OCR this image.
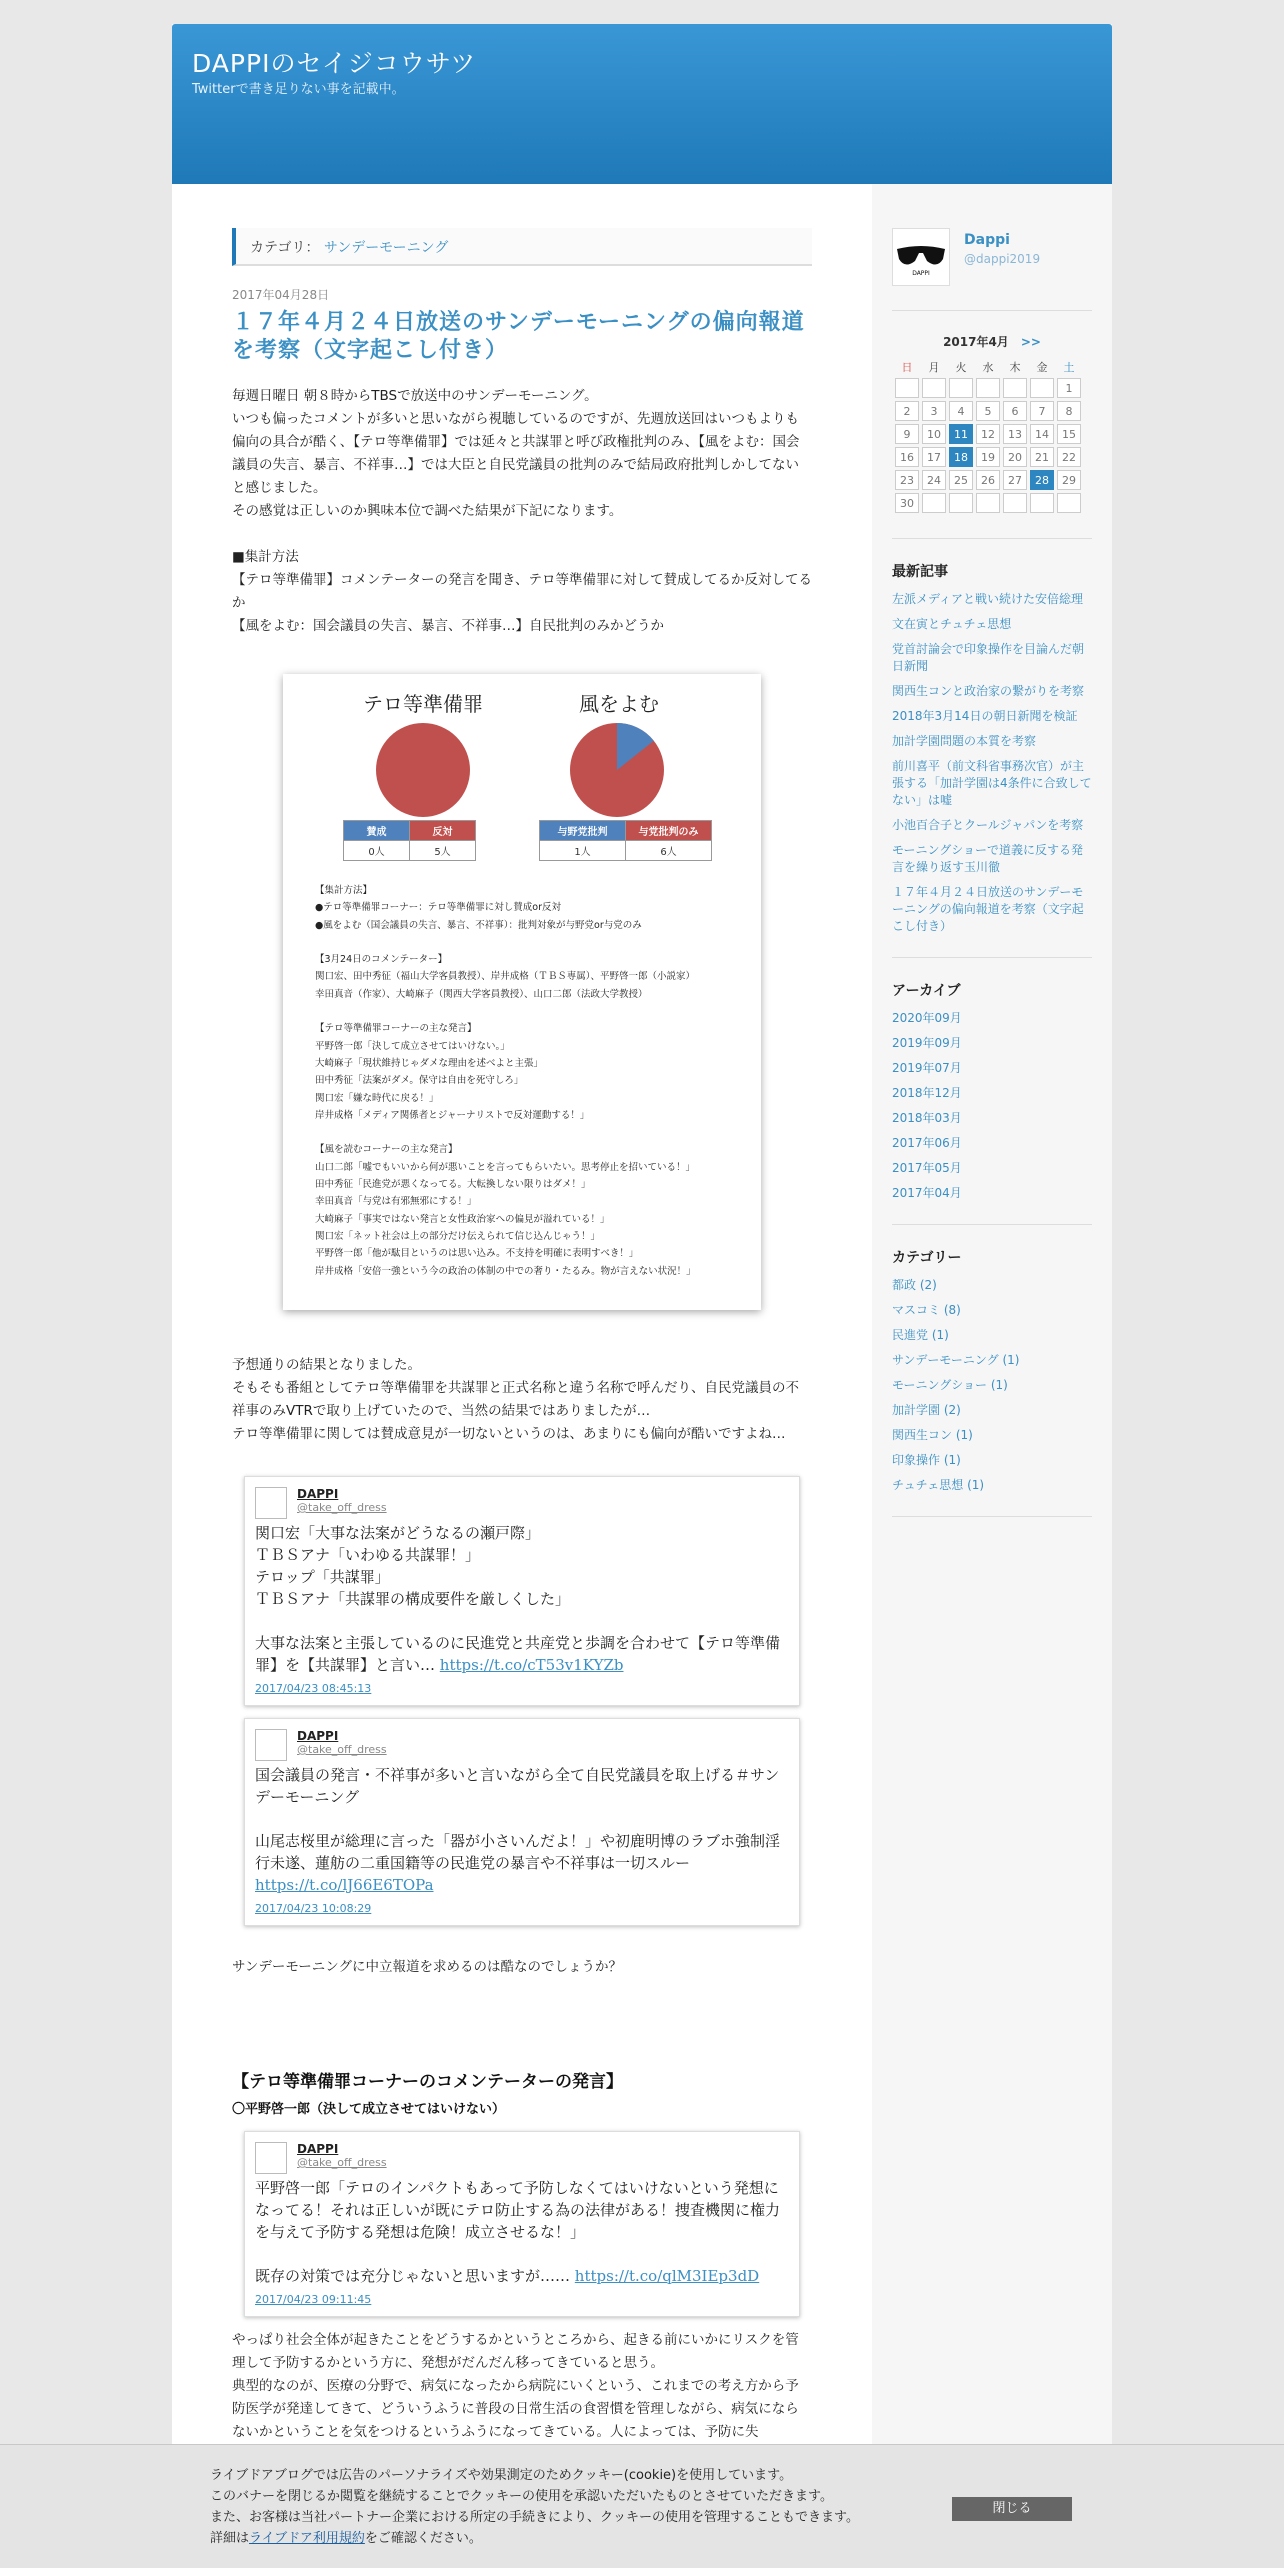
DAPPIのセイジコウサツ
Twitterで書き足りない事を記載中。
カテゴリ： サンデーモーニング
2017年04月28日
１７年４月２４日放送のサンデーモーニングの偏向報道を考察（文字起こし付き）
毎週日曜日 朝８時からTBSで放送中のサンデーモーニング。
いつも偏ったコメントが多いと思いながら視聴しているのですが、先週放送回はいつもよりも偏向の具合が酷く、【テロ等準備罪】では延々と共謀罪と呼び政権批判のみ、【風をよむ：国会議員の失言、暴言、不祥事…】では大臣と自民党議員の批判のみで結局政府批判しかしてないと感じました。
その感覚は正しいのか興味本位で調べた結果が下記になります。
■集計方法
【テロ等準備罪】コメンテーターの発言を聞き、テロ等準備罪に対して賛成してるか反対してるか
【風をよむ：国会議員の失言、暴言、不祥事…】自民批判のみかどうか
テロ等準備罪	風をよむ
賛成	反対
0人	5人
与野党批判	与党批判のみ
1人	6人
【集計方法】
●テロ等準備罪コーナー：テロ等準備罪に対し賛成or反対
●風をよむ（国会議員の失言、暴言、不祥事）：批判対象が与野党or与党のみ

【3月24日のコメンテーター】
関口宏、田中秀征（福山大学客員教授）、岸井成格（ＴＢＳ専属）、平野啓一郎（小説家）
幸田真音（作家）、大崎麻子（関西大学客員教授）、山口二郎（法政大学教授）

【テロ等準備罪コーナーの主な発言】
平野啓一郎「決して成立させてはいけない。」
大崎麻子「現状維持じゃダメな理由を述べよと主張」
田中秀征「法案がダメ。保守は自由を死守しろ」
関口宏「嫌な時代に戻る！」
岸井成格「メディア関係者とジャーナリストで反対運動する！」

【風を読むコーナーの主な発言】
山口二郎「嘘でもいいから何が悪いことを言ってもらいたい。思考停止を招いている！」
田中秀征「民進党が悪くなってる。大転換しない限りはダメ！」
幸田真音「与党は有邪無邪にする！」
大崎麻子「事実ではない発言と女性政治家への偏見が溢れている！」
関口宏「ネット社会は上の部分だけ伝えられて信じ込んじゃう！」
平野啓一郎「他が駄目というのは思い込み。不支持を明確に表明すべき！」
岸井成格「安倍一強という今の政治の体制の中での奢り・たるみ。物が言えない状況！」
予想通りの結果となりました。
そもそも番組としてテロ等準備罪を共謀罪と正式名称と違う名称で呼んだり、自民党議員の不祥事のみVTRで取り上げていたので、当然の結果ではありましたが…
テロ等準備罪に関しては賛成意見が一切ないというのは、あまりにも偏向が酷いですよね…
DAPPI
@take_off_dress
関口宏「大事な法案がどうなるの瀬戸際」
ＴＢＳアナ「いわゆる共謀罪！」
テロップ「共謀罪」
ＴＢＳアナ「共謀罪の構成要件を厳しくした」

大事な法案と主張しているのに民進党と共産党と歩調を合わせて【テロ等準備罪】を【共謀罪】と言い… https://t.co/cT53v1KYZb
2017/04/23 08:45:13
DAPPI
@take_off_dress
国会議員の発言・不祥事が多いと言いながら全て自民党議員を取上げる＃サンデーモーニング

山尾志桜里が総理に言った「器が小さいんだよ！」や初鹿明博のラブホ強制淫行未遂、蓮舫の二重国籍等の民進党の暴言や不祥事は一切スルー
https://t.co/lJ66E6TOPa
2017/04/23 10:08:29
サンデーモーニングに中立報道を求めるのは酷なのでしょうか？
【テロ等準備罪コーナーのコメンテーターの発言】
〇平野啓一郎（決して成立させてはいけない）
DAPPI
@take_off_dress
平野啓一郎「テロのインパクトもあって予防しなくてはいけないという発想になってる！それは正しいが既にテロ防止する為の法律がある！捜査機関に権力を与えて予防する発想は危険！成立させるな！」

既存の対策では充分じゃないと思いますが…… https://t.co/qlM3IEp3dD
2017/04/23 09:11:45
やっぱり社会全体が起きたことをどうするかというところから、起きる前にいかにリスクを管理して予防するかという方に、発想がだんだん移ってきていると思う。
典型的なのが、医療の分野で、病気になったから病院にいくという、これまでの考え方から予防医学が発達してきて、どういうふうに普段の日常生活の食習慣を管理しながら、病気にならないかということを気をつけるというふうになってきている。人によっては、予防に失
DAPPI
Dappi
@dappi2019
2017年4月 >>
日	月	火	水	木	金	土
						1
2	3	4	5	6	7	8
9	10	11	12	13	14	15
16	17	18	19	20	21	22
23	24	25	26	27	28	29
30						
最新記事
左派メディアと戦い続けた安倍総理
文在寅とチュチェ思想
党首討論会で印象操作を目論んだ朝日新聞
関西生コンと政治家の繋がりを考察
2018年3月14日の朝日新聞を検証
加計学園問題の本質を考察
前川喜平（前文科省事務次官）が主張する「加計学園は4条件に合致してない」は嘘
小池百合子とクールジャパンを考察
モーニングショーで道義に反する発言を繰り返す玉川徹
１７年４月２４日放送のサンデーモーニングの偏向報道を考察（文字起こし付き）
アーカイブ
2020年09月
2019年09月
2019年07月
2018年12月
2018年03月
2017年06月
2017年05月
2017年04月
カテゴリー
都政 (2)
マスコミ (8)
民進党 (1)
サンデーモーニング (1)
モーニングショー (1)
加計学園 (2)
関西生コン (1)
印象操作 (1)
チュチェ思想 (1)
ライブドアブログでは広告のパーソナライズや効果測定のためクッキー(cookie)を使用しています。
このバナーを閉じるか閲覧を継続することでクッキーの使用を承認いただいたものとさせていただきます。
また、お客様は当社パートナー企業における所定の手続きにより、クッキーの使用を管理することもできます。
詳細はライブドア利用規約をご確認ください。
閉じる
